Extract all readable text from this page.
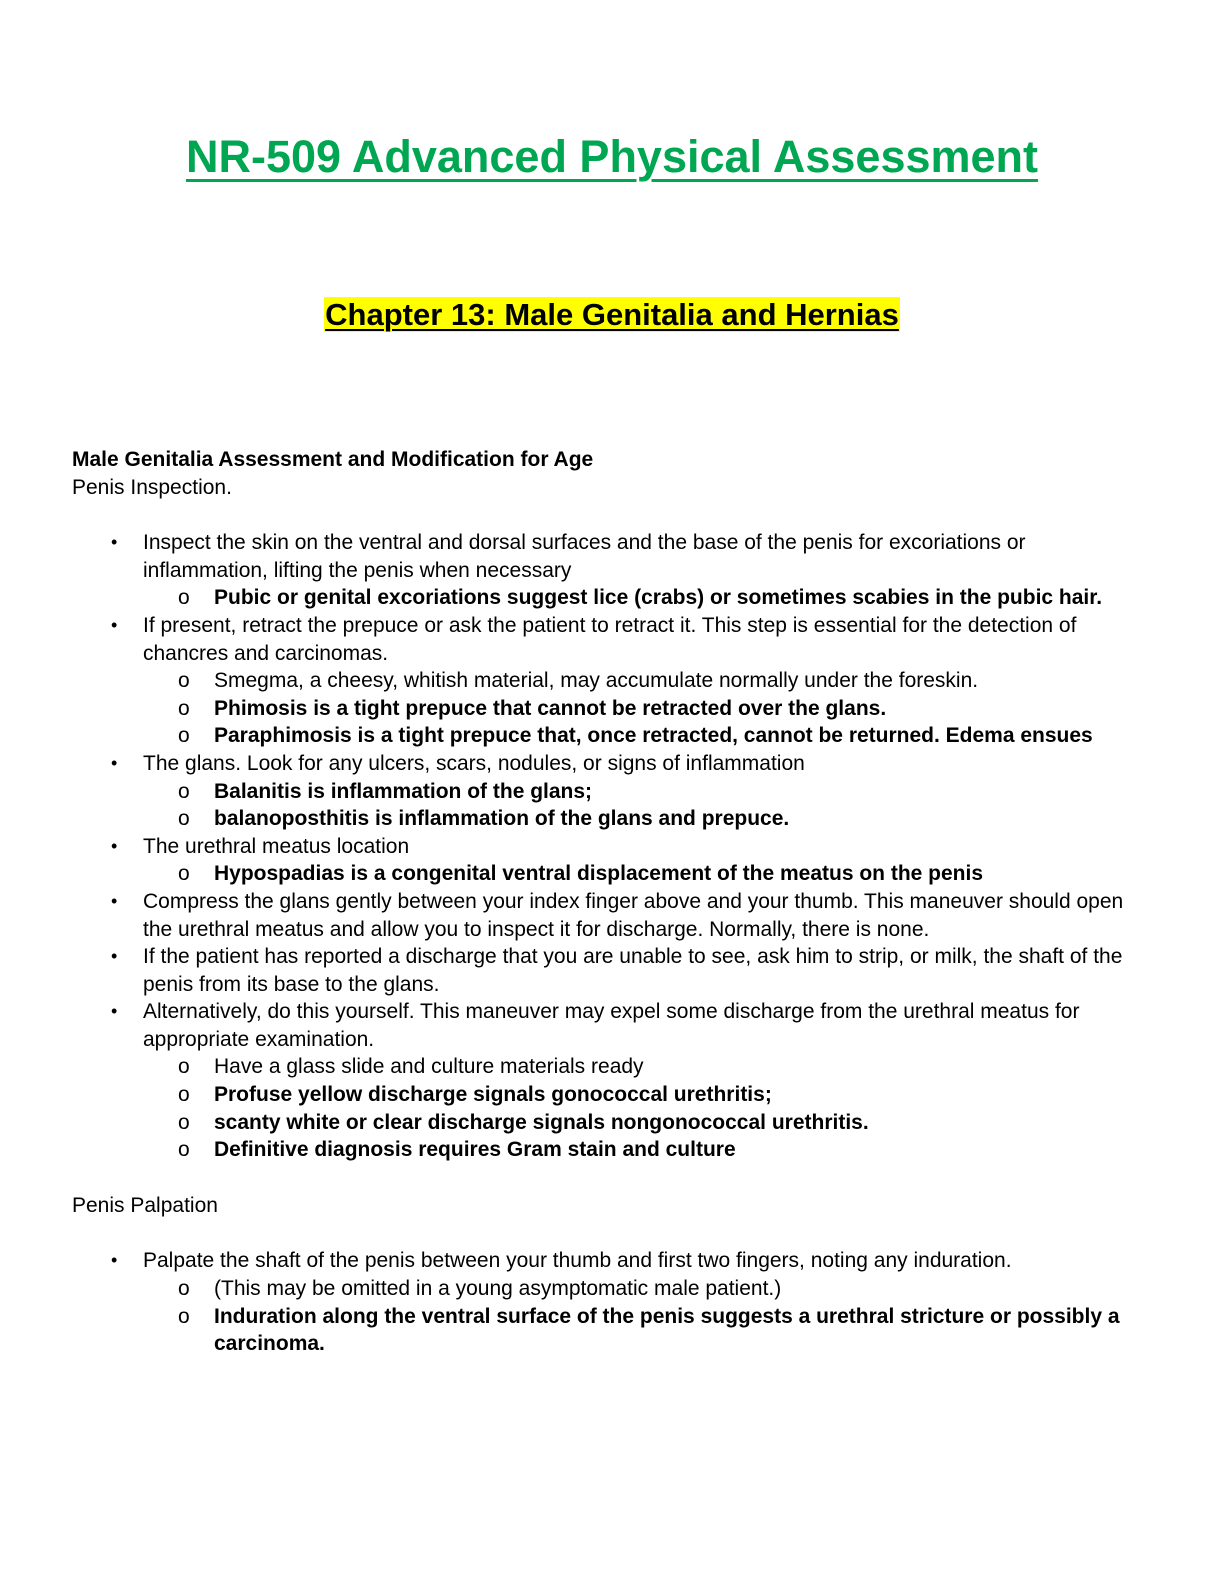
NR-509 Advanced Physical Assessment
Chapter 13: Male Genitalia and Hernias

Male Genitalia Assessment and Modification for Age

Penis Inspection.

• Inspect the skin on the ventral and dorsal surfaces and the base of the penis for excoriations or inflammation, lifting the penis when necessary
o Pubic or genital excoriations suggest lice (crabs) or sometimes scabies in the pubic hair.
• If present, retract the prepuce or ask the patient to retract it. This step is essential for the detection of chancres and carcinomas.
o Smegma, a cheesy, whitish material, may accumulate normally under the foreskin.
o Phimosis is a tight prepuce that cannot be retracted over the glans.
o Paraphimosis is a tight prepuce that, once retracted, cannot be returned. Edema ensues
• The glans. Look for any ulcers, scars, nodules, or signs of inflammation
o Balanitis is inflammation of the glans;
o balanoposthitis is inflammation of the glans and prepuce.
• The urethral meatus location
o Hypospadias is a congenital ventral displacement of the meatus on the penis
• Compress the glans gently between your index finger above and your thumb. This maneuver should open the urethral meatus and allow you to inspect it for discharge. Normally, there is none.
• If the patient has reported a discharge that you are unable to see, ask him to strip, or milk, the shaft of the penis from its base to the glans.
• Alternatively, do this yourself. This maneuver may expel some discharge from the urethral meatus for appropriate examination.
o Have a glass slide and culture materials ready
o Profuse yellow discharge signals gonococcal urethritis;
o scanty white or clear discharge signals nongonococcal urethritis.
o Definitive diagnosis requires Gram stain and culture

Penis Palpation

• Palpate the shaft of the penis between your thumb and first two fingers, noting any induration.
o (This may be omitted in a young asymptomatic male patient.)
o Induration along the ventral surface of the penis suggests a urethral stricture or possibly a carcinoma.
